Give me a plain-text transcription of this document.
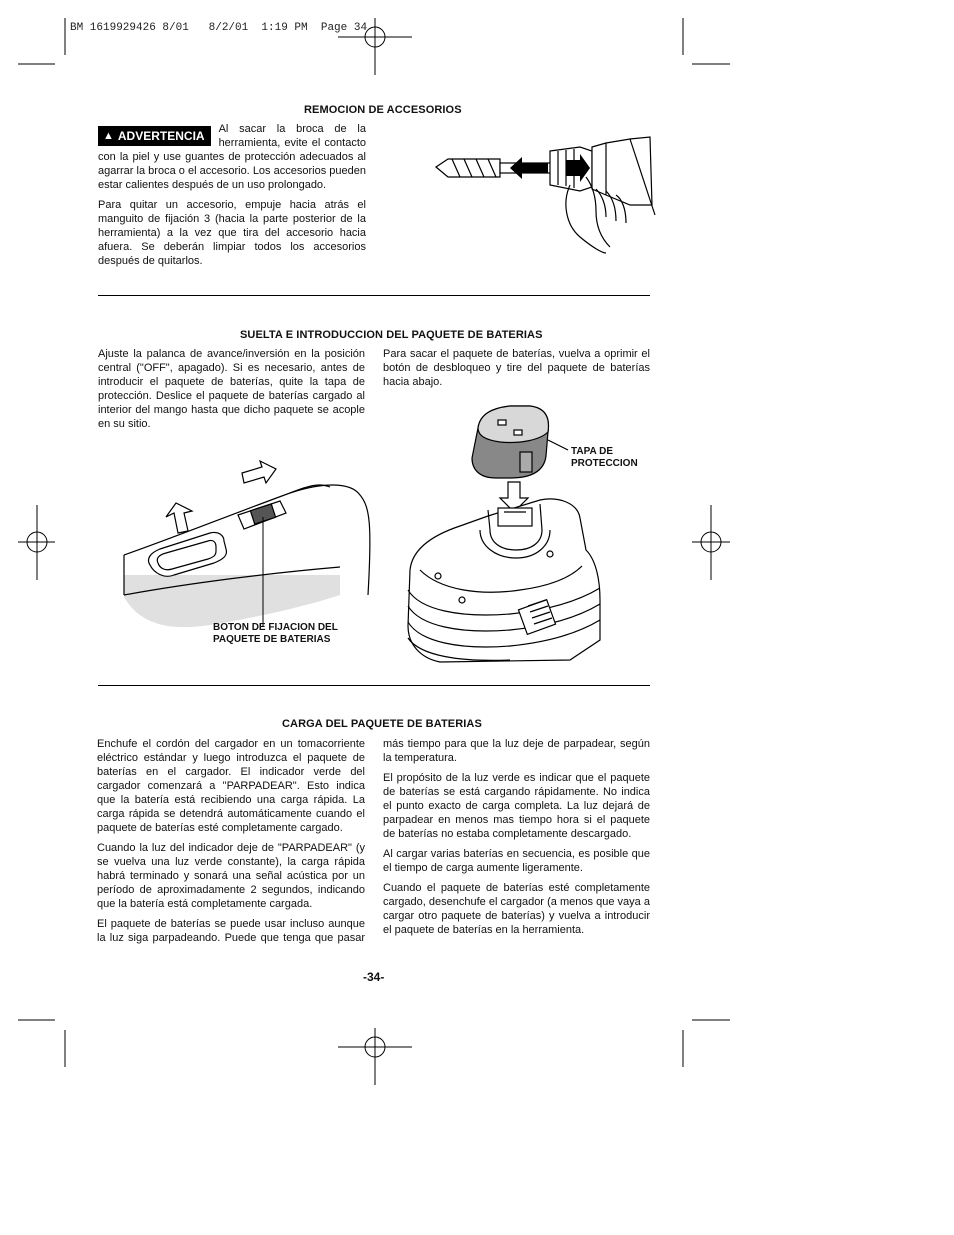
BM 1619929426 8/01   8/2/01  1:19 PM  Page 34
REMOCION DE ACCESORIOS
▲ ADVERTENCIA Al sacar la broca de la
herramienta, evite el contacto

con la piel y use guantes de protección adecuados al agarrar la broca o el accesorio. Los accesorios pueden estar calientes después de un uso prolongado.

Para quitar un accesorio, empuje hacia atrás el manguito de fijación 3 (hacia la parte posterior de la herramienta) a la vez que tira del accesorio hacia afuera. Se deberán limpiar todos los accesorios después de quitarlos.

SUELTA E INTRODUCCION DEL PAQUETE DE BATERIAS

Ajuste la palanca de avance/inversión en la posición central ("OFF", apagado). Si es necesario, antes de introducir el paquete de baterías, quite la tapa de protección. Deslice el paquete de baterías cargado al interior del mango hasta que dicho paquete se acople en su sitio.

Para sacar el paquete de baterías, vuelva a oprimir el botón de desbloqueo y tire del paquete de baterías hacia abajo.

BOTON DE FIJACION DEL
PAQUETE DE BATERIAS
TAPA DE
PROTECCION
CARGA DEL PAQUETE DE BATERIAS

Enchufe el cordón del cargador en un tomacorriente eléctrico estándar y luego introduzca el paquete de baterías en el cargador. El indicador verde del cargador comenzará a "PARPADEAR". Esto indica que la batería está recibiendo una carga rápida. La carga rápida se detendrá automáticamente cuando el paquete de baterías esté completamente cargado.

Cuando la luz del indicador deje de "PARPADEAR" (y se vuelva una luz verde constante), la carga rápida habrá terminado y sonará una señal acústica por un período de aproximadamente 2 segundos, indicando que la batería está completamente cargada.

El paquete de baterías se puede usar incluso aunque la luz siga parpadeando. Puede que tenga que pasar

más tiempo para que la luz deje de parpadear, según la temperatura.

El propósito de la luz verde es indicar que el paquete de baterías se está cargando rápidamente. No indica el punto exacto de carga completa. La luz dejará de parpadear en menos mas tiempo hora si el paquete de baterías no estaba completamente descargado.

Al cargar varias baterías en secuencia, es posible que el tiempo de carga aumente ligeramente.

Cuando el paquete de baterías esté completamente cargado, desenchufe el cargador (a menos que vaya a cargar otro paquete de baterías) y vuelva a introducir el paquete de baterías en la herramienta.

-34-
